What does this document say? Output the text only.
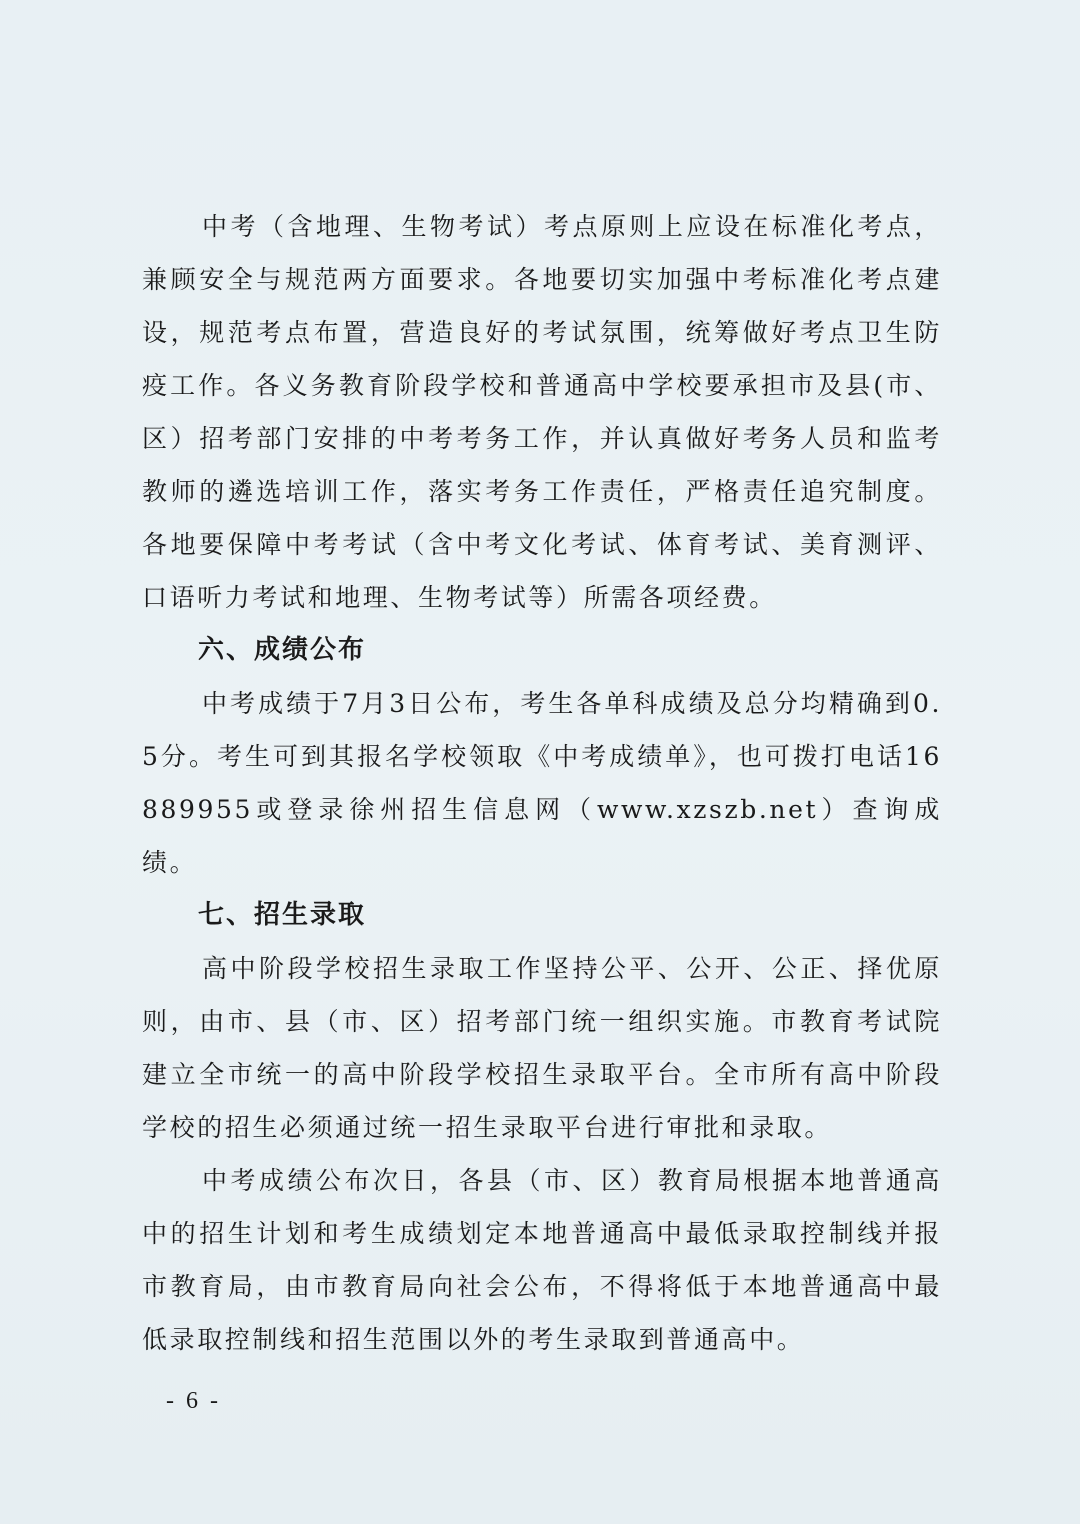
中考（含地理、生物考试）考点原则上应设在标准化考点，兼顾安全与规范两方面要求。各地要切实加强中考标准化考点建设，规范考点布置，营造良好的考试氛围，统筹做好考点卫生防疫工作。各义务教育阶段学校和普通高中学校要承担市及县(市、区）招考部门安排的中考考务工作，并认真做好考务人员和监考教师的遴选培训工作，落实考务工作责任，严格责任追究制度。各地要保障中考考试（含中考文化考试、体育考试、美育测评、口语听力考试和地理、生物考试等）所需各项经费。

六、成绩公布

中考成绩于7月3日公布，考生各单科成绩及总分均精确到0.5分。考生可到其报名学校领取《中考成绩单》，也可拨打电话16889955或登录徐州招生信息网（www.xzszb.net）查询成绩。

七、招生录取

高中阶段学校招生录取工作坚持公平、公开、公正、择优原则，由市、县（市、区）招考部门统一组织实施。市教育考试院建立全市统一的高中阶段学校招生录取平台。全市所有高中阶段学校的招生必须通过统一招生录取平台进行审批和录取。

中考成绩公布次日，各县（市、区）教育局根据本地普通高中的招生计划和考生成绩划定本地普通高中最低录取控制线并报市教育局，由市教育局向社会公布，不得将低于本地普通高中最低录取控制线和招生范围以外的考生录取到普通高中。

- 6 -
